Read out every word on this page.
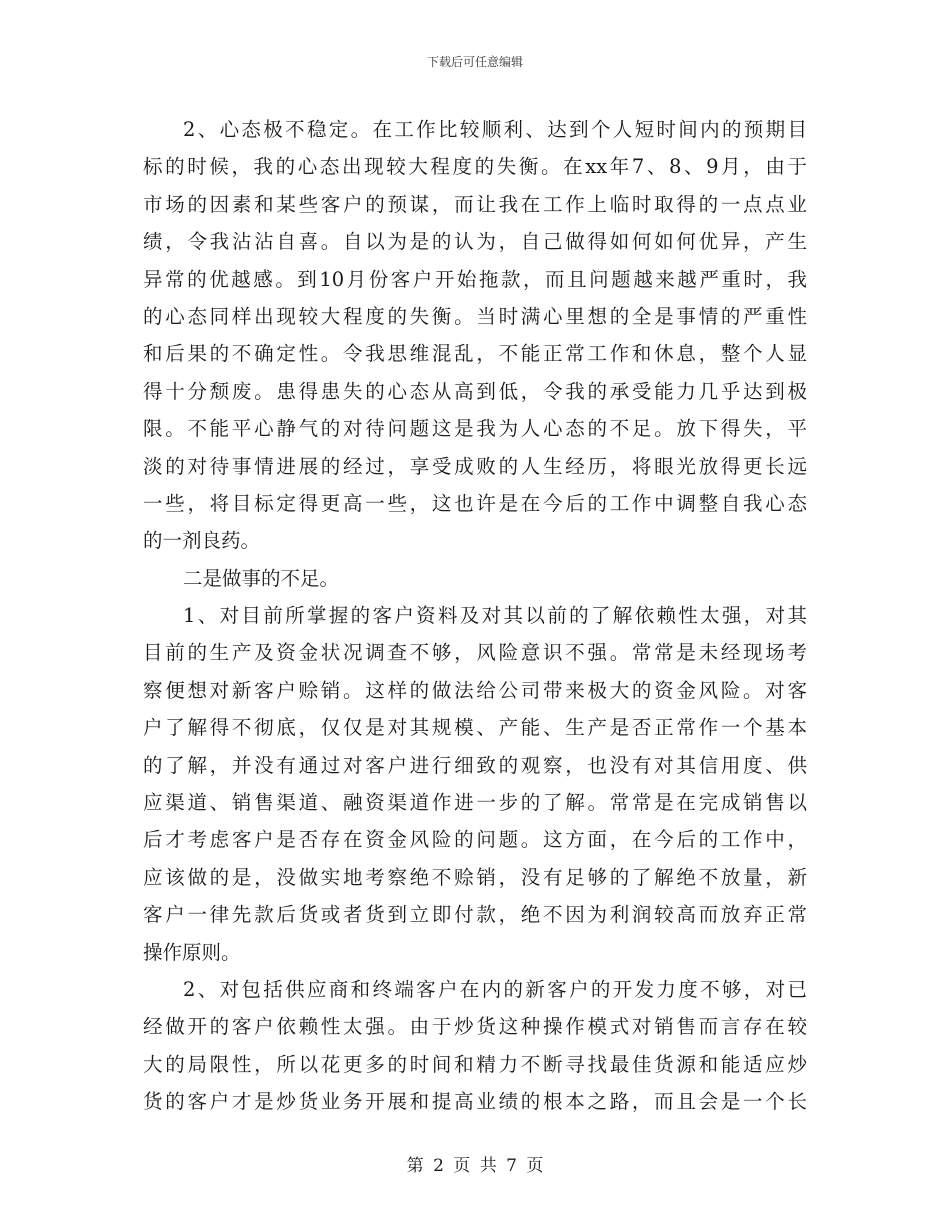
下载后可任意编辑
2、心态极不稳定。在工作比较顺利、达到个人短时间内的预期目
标的时候，我的心态出现较大程度的失衡。在xx年7、8、9月，由于
市场的因素和某些客户的预谋，而让我在工作上临时取得的一点点业
绩，令我沾沾自喜。自以为是的认为，自己做得如何如何优异，产生
异常的优越感。到10月份客户开始拖款，而且问题越来越严重时，我
的心态同样出现较大程度的失衡。当时满心里想的全是事情的严重性
和后果的不确定性。令我思维混乱，不能正常工作和休息，整个人显
得十分颓废。患得患失的心态从高到低，令我的承受能力几乎达到极
限。不能平心静气的对待问题这是我为人心态的不足。放下得失，平
淡的对待事情进展的经过，享受成败的人生经历，将眼光放得更长远
一些，将目标定得更高一些，这也许是在今后的工作中调整自我心态
的一剂良药。
二是做事的不足。
1、对目前所掌握的客户资料及对其以前的了解依赖性太强，对其
目前的生产及资金状况调查不够，风险意识不强。常常是未经现场考
察便想对新客户赊销。这样的做法给公司带来极大的资金风险。对客
户了解得不彻底，仅仅是对其规模、产能、生产是否正常作一个基本
的了解，并没有通过对客户进行细致的观察，也没有对其信用度、供
应渠道、销售渠道、融资渠道作进一步的了解。常常是在完成销售以
后才考虑客户是否存在资金风险的问题。这方面，在今后的工作中，
应该做的是，没做实地考察绝不赊销，没有足够的了解绝不放量，新
客户一律先款后货或者货到立即付款，绝不因为利润较高而放弃正常
操作原则。
2、对包括供应商和终端客户在内的新客户的开发力度不够，对已
经做开的客户依赖性太强。由于炒货这种操作模式对销售而言存在较
大的局限性，所以花更多的时间和精力不断寻找最佳货源和能适应炒
货的客户才是炒货业务开展和提高业绩的根本之路，而且会是一个长
第 2 页 共 7 页
